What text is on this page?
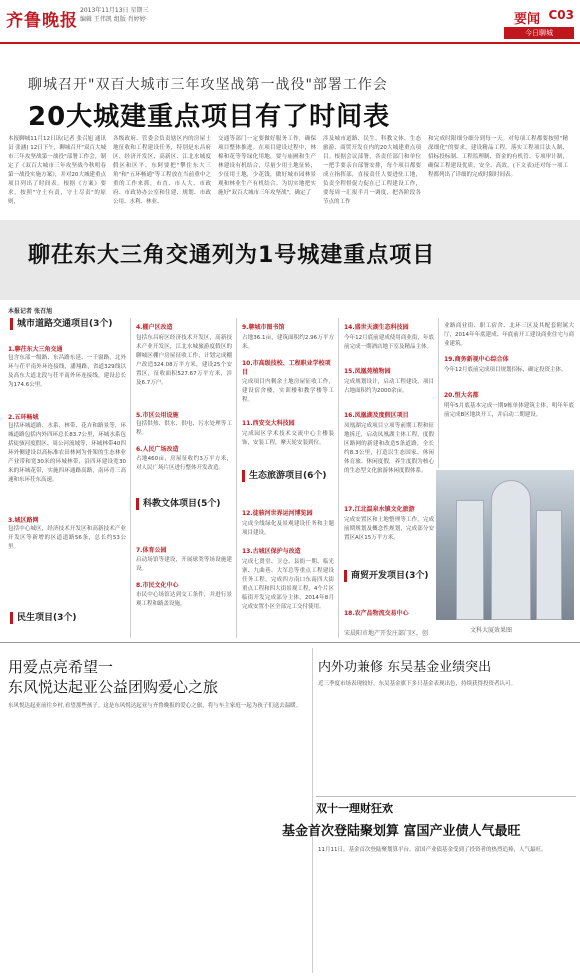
齐鲁晚报
2013年11月13日 星期三
编辑 王伟凯 组版 肖婷婷	要闻 C03
今日聊城
聊城召开"双百大城市三年攻坚战第一战役"部署工作会
20大城建重点项目有了时间表
本报聊城11月12日讯(记者 张召旭 通讯员 张涵) 12日下午，聊城召开"双百大城市三年攻坚战第一战役"部署工作会，制定了《双百大城市三年攻坚战今秋明春第一战役实施方案》，并对20大城建重点项目列出了时间表。根据《方案》要求，按照"守土有责，守土尽责"的原则，
各级政府、管委会负责辖区内的房屋土地征收和工程建设任务，特别是东昌府区、经济开发区、高新区、江北水城度假区和区平、东阿要把"攀住东大三角"和"五环畅通"等工程放在当前重中之重的工作来抓，市直、市人大、市政府、市政协办公室和住建、规划、市政公用、水利、林业、
交通等部门一定要做好服务工作，确保项目整体推进。在项目建设过程中，林棉和花等等绿化用地，要与庙圃和生产林建设有机结合，尽量少用土地征转，少征用土地，少花钱，做好城市园林景观和林业生产有机结合。为切实地把实施好"双百大城市三年攻坚战"，确定了
涉及城市道路、民生、科教文体、生态旅游、商贸开发在内的20大城建重点项目。根据会议部署，各责任部门和单位一把手要亲自部署安排，每个项目都要成立指挥部，直接责任人要进驻工地，负责全程督促力促在已工程建设工作，要每周一汇报半月一调度，把各阶段各节点的工作
和完成时限细分细分到每一天。对每项工程都要按照"精深细化"的要求，建设精品工程。落实工程项目法人制、招标投标制、工程监理制、资金的有机管、专项审计制，确保工程建设优质、安全、高效。(下文表)还对每一项工程都列出了详细的完成时限时间表。
聊茌东大三角交通列为1号城建重点项目
本报记者 张召旭
城市道路交通项目(3个)
1.聊茌东大三角交通
包含东部一级路、东昌路东延、一千窗路，北外环与茌平南外环连接线，潘翔路，省道329线以及高东大道北段与茌平南外环连接线，建设总长为174.6公里。
2.五环畅城
包括环城道路、水系、林带、花卉和路景等，环城道路包括内外四环总长83.7公里，环城水系包括徒骇河度假区、周公河流域等，环城林带40四环外侧建设以高标准农田林网为骨架的生态林业产业带和宽30米的环城林带，沿四环建设宽30米的环城花带，实施四环通路高路，南环青三高速和东环茌东高速。
3.城区路网
包括中心城区，经济技术开发区和高新技术产业开发区等新增的区道道路56条，总长约53公里。
民生项目(3个)
4.棚户区改造
包括东昌府区经济技术开发区，高新技术产业开发区，江北水城旅游度假区的聊城区棚户房屋征收工作，计划完成棚户改造324.08万平方米，建设25个安置区，征收面积527.67万平方米，涉及6.7万户。
5.市区公用设施
包括供热、供水、供电、污水处理等工程。
6.人民广场改造
占地460亩，房屋征收约3万平方米，对人民广场片区进行整体开发改造。
科教文体项目(5个)
7.体育公园
启动场馆等建设，开展球类等场设施建设。
8.市民文化中心
市民中心场馆达到交工条件，并进行景观工程和路盖设施。
9.聊城市图书馆
占地36.1亩，建筑面积约2.96万平方米。
10.市高级技校、工程职业学校项目
完成项目内剩余土地房屋征收工作，建设宿舍楼，实训楼和教学楼等工程。
11.西安交大科技园
完成园区学术技术交流中心主楼装饰，安装工程，摩天轮安装到位。
生态旅游项目(6个)
12.徒骇河世界运河博览园
完成全线绿化及景观建设任务和主题项目建设。
13.古城区保护与改造
完成七贤堂、卫仓、县衙一期、临光寨、九曲巷、大军总等重点工程建设任务工程，完成四方南口东南四大街重点工程和四大街景观工程，4个片区临街开发完成部分主体，2014年8月完成安置小区全部完工交付使用。
14.盛世天湖生态科技园
今年12月底前建成使用商业街，年底前完成一期酒店地下室及精品主体。
15.凤凰苑植物园
完成规划设计，启动工程建设，项目占地面积约为2000余亩。
16.凤凰湖及度假区项目
凤凰湖完成项目立项等前期工程和征地拆迁，启动凤凰湖主体工程，度假区路网的新建和改造5条道路，全长约8.3公里，打造以生态国家、休闲体育旅、休闲度假，养生度假为核心的生态型文化旅游休闲度假体系。
17.江北温泉水镇文化旅游
完成安置区和土地整理等工作，完成前期规划及概念性规划，完成部分安置区A区15万平方米。
商贸开发项目(3个)
18.农产品物流交易中心
业路商业街、职工宿舍、北环三区及其配套附属大厅，2014年年底建成、年底前开工建设商业住宅与商业建筑。
19.商务新视中心综合体
今年12月底前完成项目规划招标，确定投资主体。
20.恒大名都
明年5月底基本完成一期9栋单体建筑主体，明年年底前完成B区地块开工，并启动二期建设。
文科大厦效果图
宋晨阳市地产开发庄部门区，创
用爱点亮希望一
东风悦达起亚公益团购爱心之旅
东风悦达起亚前往乡村,看望那些孩子。这是东风悦达起亚与齐鲁晚报的爱心之旅，将与车主家庭一起为孩子们送去温暖。
内外功兼修 东吴基金业绩突出
近三季度市场表现较好，东吴基金旗下多只基金表现出色，持续获得投资者认可。
双十一理财狂欢
基金首次登陆聚划算 富国产业债人气最旺
11月11日，基金首次登陆聚划算平台，富国产业债基金受到了投资者的热烈追捧，人气最旺。
